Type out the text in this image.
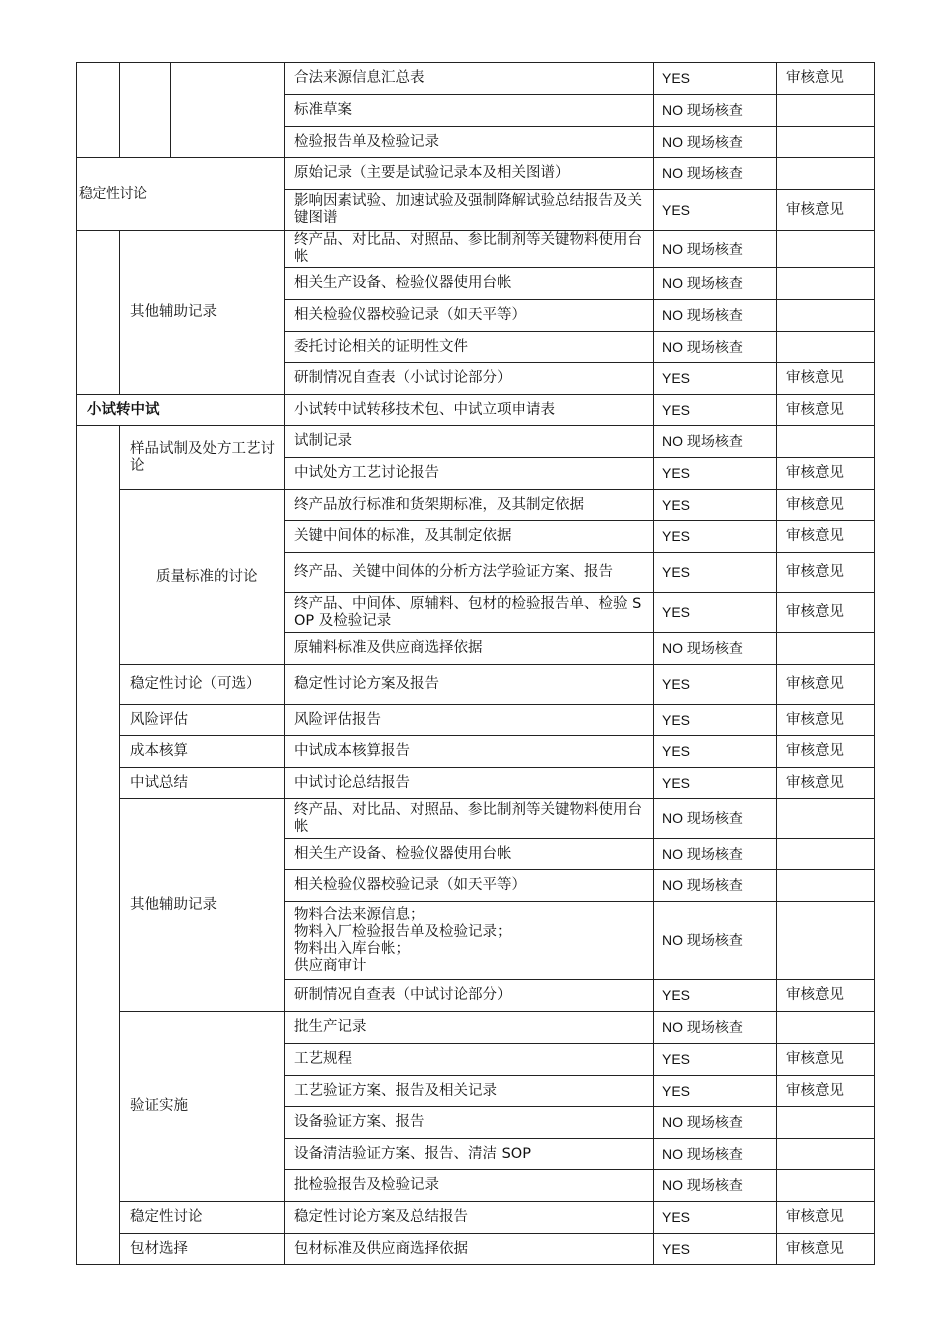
			合法来源信息汇总表	YES	审核意见
			标准草案	NO 现场核查	
			检验报告单及检验记录	NO 现场核查	
稳定性讨论			原始记录（主要是试验记录本及相关图谱）	NO 现场核查	
			影响因素试验、加速试验及强制降解试验总结报告及关键图谱	YES	审核意见
	其他辅助记录		终产品、对比品、对照品、参比制剂等关键物料使用台帐	NO 现场核查	
			相关生产设备、检验仪器使用台帐	NO 现场核查	
			相关检验仪器校验记录（如天平等）	NO 现场核查	
			委托讨论相关的证明性文件	NO 现场核查	
			研制情况自查表（小试讨论部分）	YES	审核意见
小试转中试			小试转中试转移技术包、中试立项申请表	YES	审核意见
	样品试制及处方工艺讨论		试制记录	NO 现场核查	
			中试处方工艺讨论报告	YES	审核意见
	质量标准的讨论		终产品放行标准和货架期标准，及其制定依据	YES	审核意见
			关键中间体的标准，及其制定依据	YES	审核意见
			终产品、关键中间体的分析方法学验证方案、报告	YES	审核意见
			终产品、中间体、原辅料、包材的检验报告单、检验 SOP 及检验记录	YES	审核意见
			原辅料标准及供应商选择依据	NO 现场核查	
	稳定性讨论（可选）		稳定性讨论方案及报告	YES	审核意见
	风险评估		风险评估报告	YES	审核意见
	成本核算		中试成本核算报告	YES	审核意见
	中试总结		中试讨论总结报告	YES	审核意见
	其他辅助记录		终产品、对比品、对照品、参比制剂等关键物料使用台帐	NO 现场核查	
			相关生产设备、检验仪器使用台帐	NO 现场核查	
			相关检验仪器校验记录（如天平等）	NO 现场核查	
			物料合法来源信息；
物料入厂检验报告单及检验记录；
物料出入库台帐；
供应商审计	NO 现场核查	
			研制情况自查表（中试讨论部分）	YES	审核意见
	验证实施		批生产记录	NO 现场核查	
			工艺规程	YES	审核意见
			工艺验证方案、报告及相关记录	YES	审核意见
			设备验证方案、报告	NO 现场核查	
			设备清洁验证方案、报告、清洁 SOP	NO 现场核查	
			批检验报告及检验记录	NO 现场核查	
	稳定性讨论		稳定性讨论方案及总结报告	YES	审核意见
	包材选择		包材标准及供应商选择依据	YES	审核意见
